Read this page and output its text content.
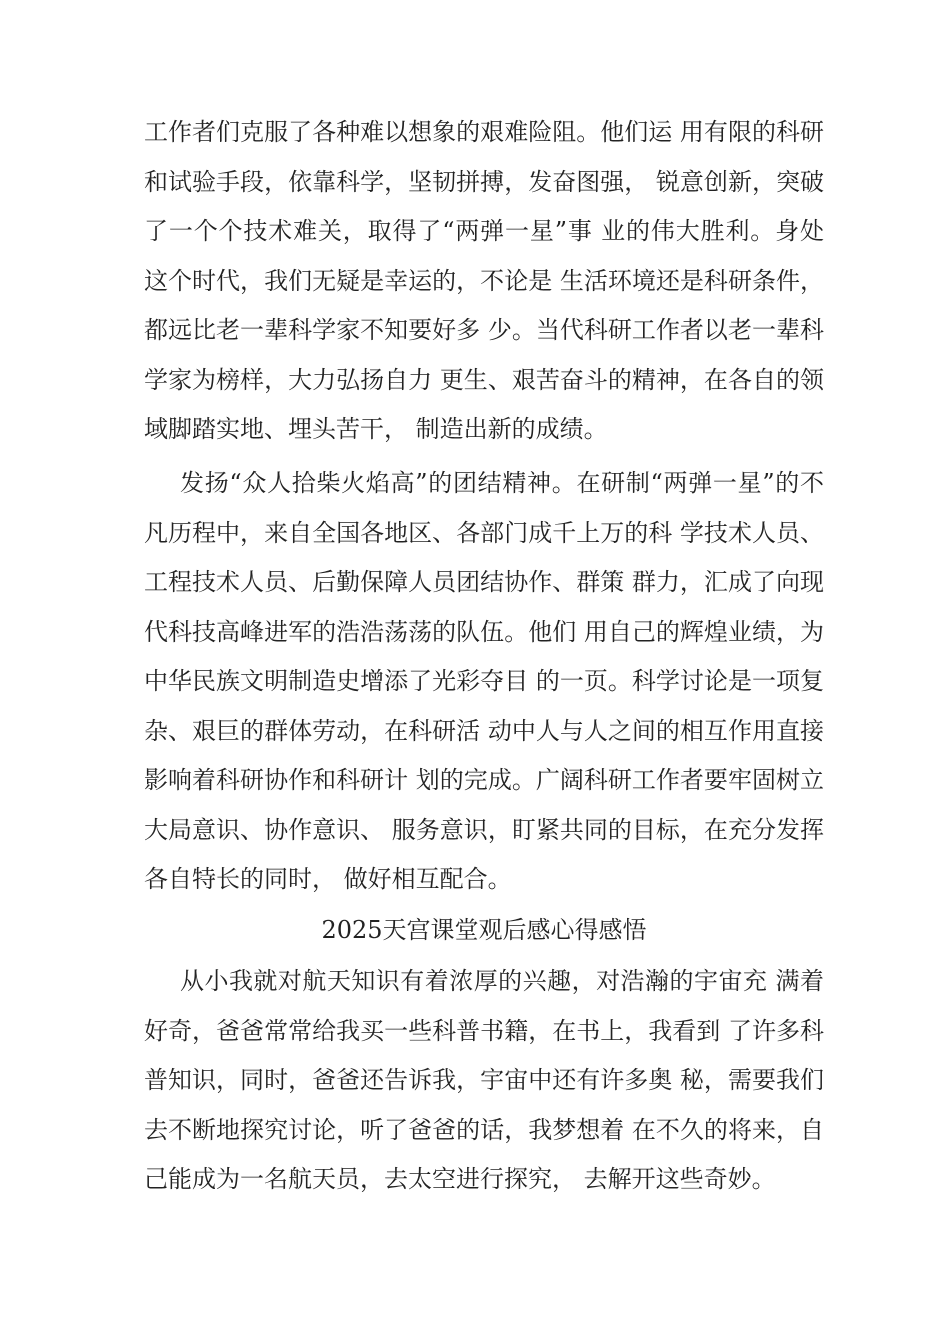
工作者们克服了各种难以想象的艰难险阻。他们运 用有限的科研和试验手段，依靠科学，坚韧拼搏，发奋图强， 锐意创新，突破了一个个技术难关，取得了“两弹一星”事 业的伟大胜利。身处这个时代，我们无疑是幸运的，不论是 生活环境还是科研条件，都远比老一辈科学家不知要好多 少。当代科研工作者以老一辈科学家为榜样，大力弘扬自力 更生、艰苦奋斗的精神，在各自的领域脚踏实地、埋头苦干， 制造出新的成绩。

发扬“众人拾柴火焰高”的团结精神。在研制“两弹一星”的不凡历程中，来自全国各地区、各部门成千上万的科 学技术人员、工程技术人员、后勤保障人员团结协作、群策 群力，汇成了向现代科技高峰进军的浩浩荡荡的队伍。他们 用自己的辉煌业绩，为中华民族文明制造史增添了光彩夺目 的一页。科学讨论是一项复杂、艰巨的群体劳动，在科研活 动中人与人之间的相互作用直接影响着科研协作和科研计 划的完成。广阔科研工作者要牢固树立大局意识、协作意识、 服务意识，盯紧共同的目标，在充分发挥各自特长的同时， 做好相互配合。

2025天宫课堂观后感心得感悟

从小我就对航天知识有着浓厚的兴趣，对浩瀚的宇宙充 满着好奇，爸爸常常给我买一些科普书籍，在书上，我看到 了许多科普知识，同时，爸爸还告诉我，宇宙中还有许多奥 秘，需要我们去不断地探究讨论，听了爸爸的话，我梦想着 在不久的将来，自己能成为一名航天员，去太空进行探究， 去解开这些奇妙。
